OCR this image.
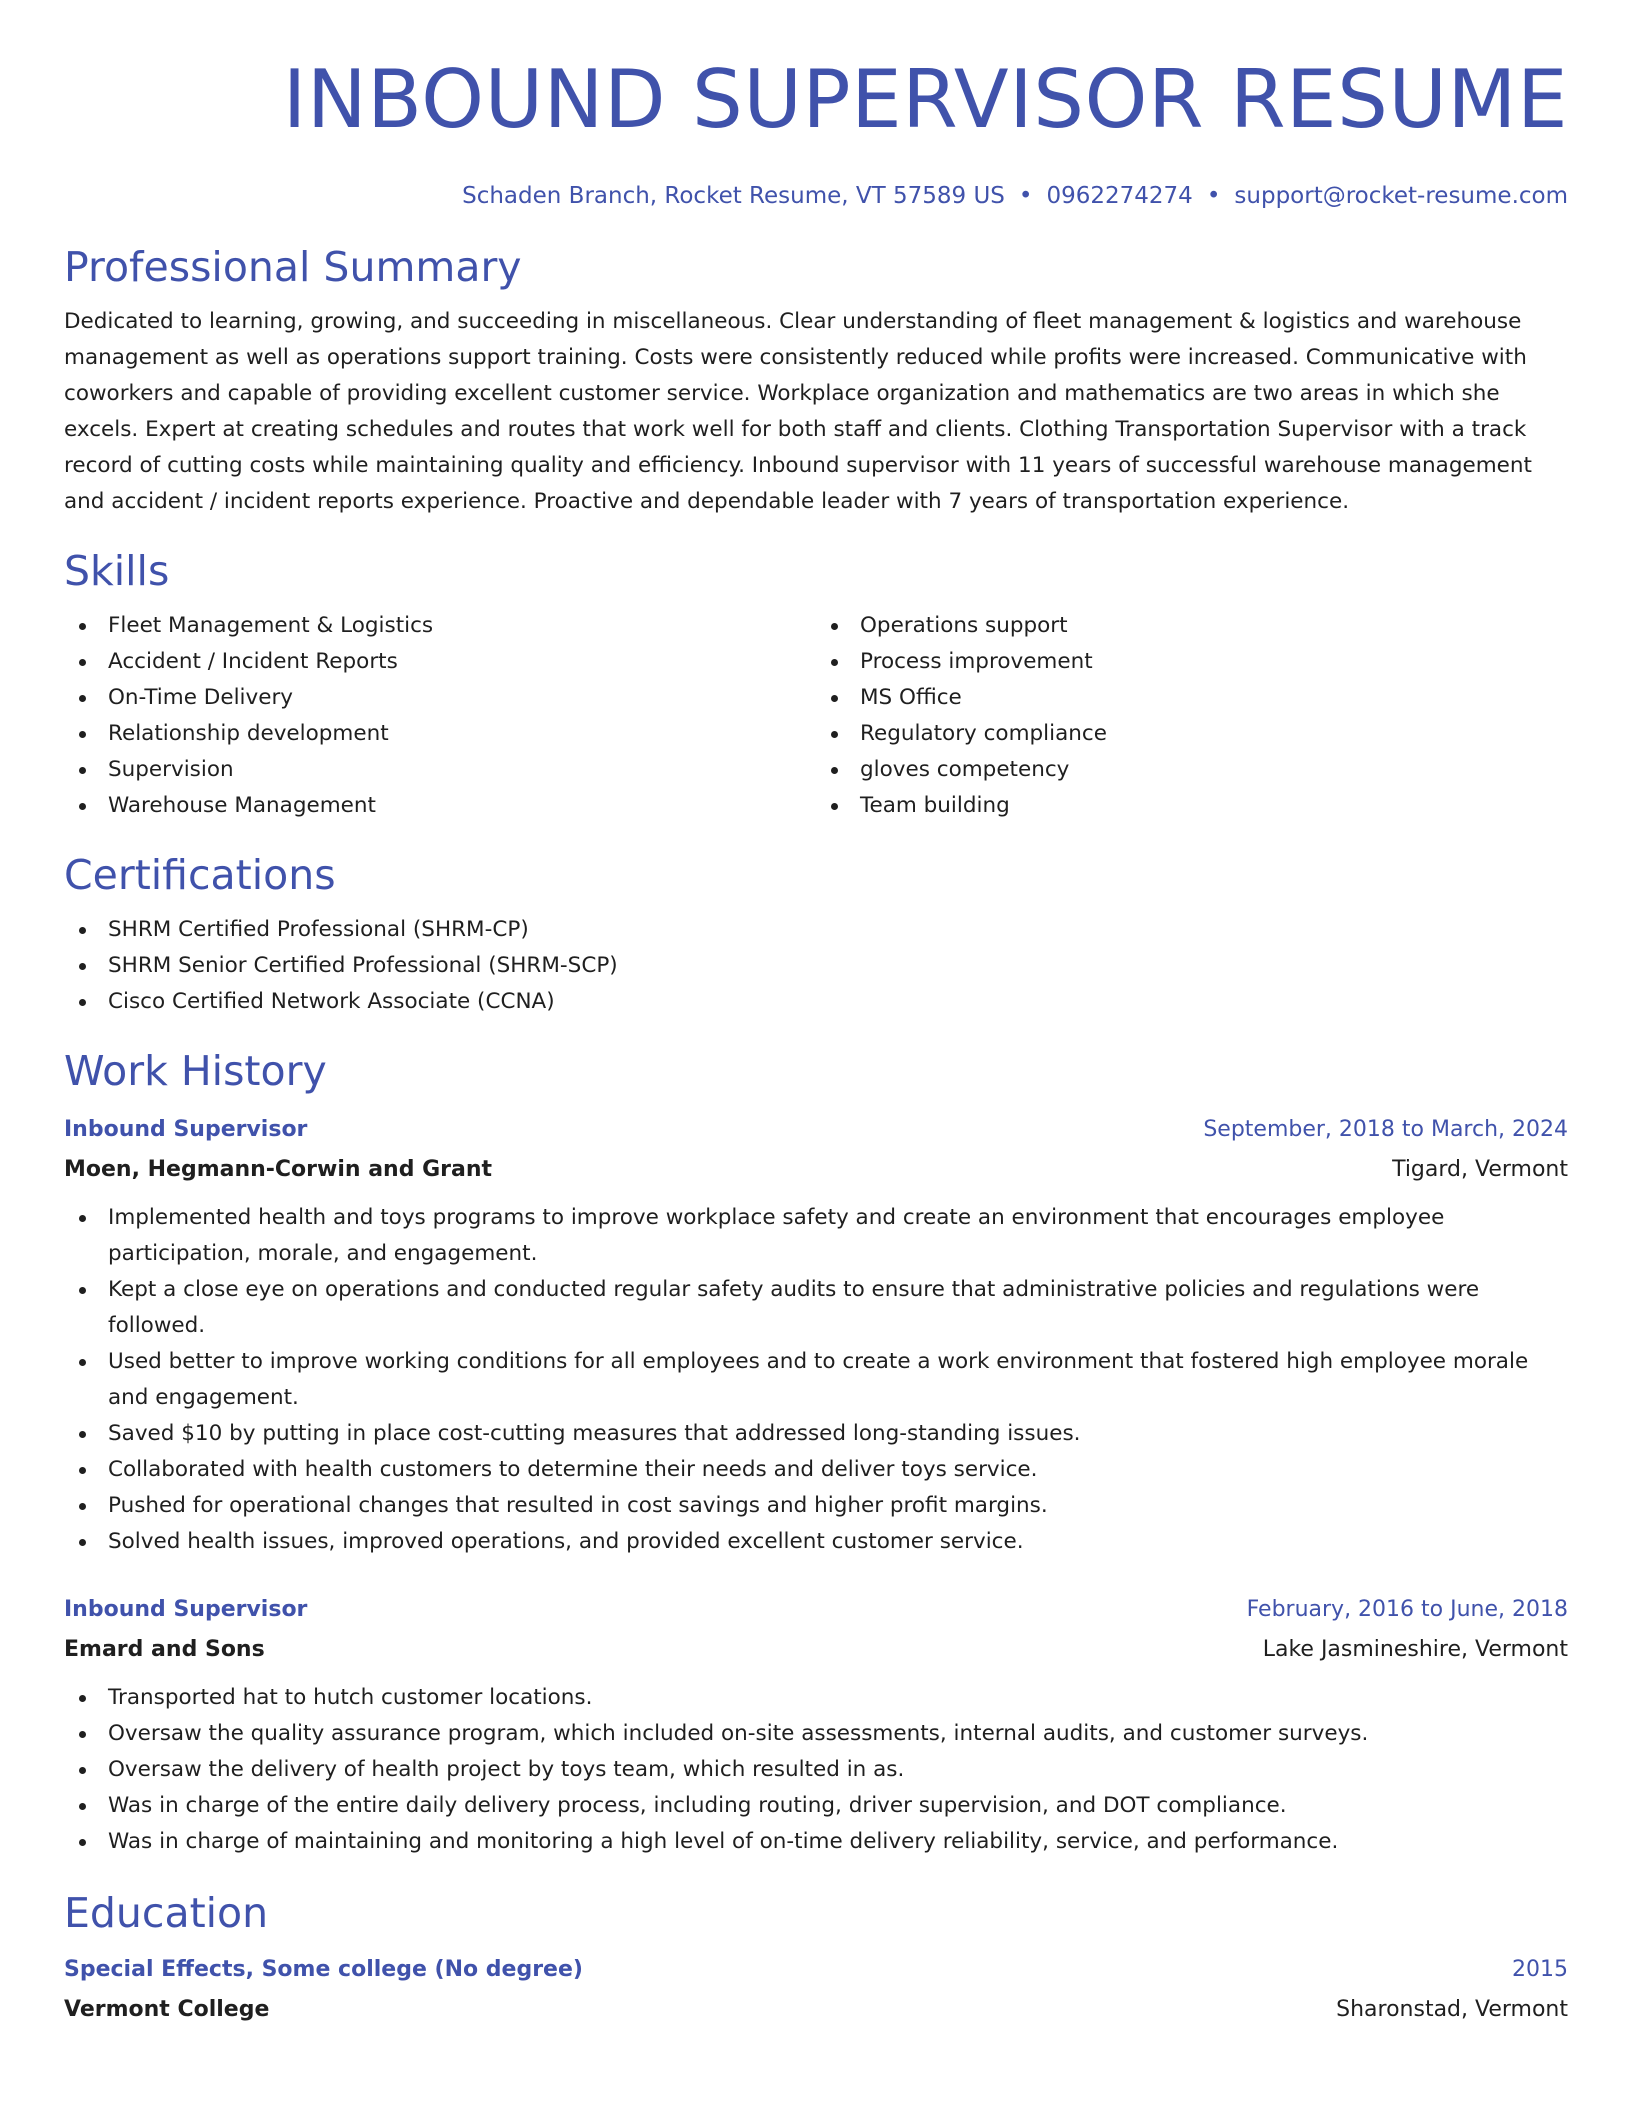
INBOUND SUPERVISOR RESUME
Schaden Branch, Rocket Resume, VT 57589 US • 0962274274 • support@rocket-resume.com
Professional Summary

Dedicated to learning, growing, and succeeding in miscellaneous. Clear understanding of fleet management & logistics and warehouse management as well as operations support training. Costs were consistently reduced while profits were increased. Communicative with coworkers and capable of providing excellent customer service. Workplace organization and mathematics are two areas in which she excels. Expert at creating schedules and routes that work well for both staff and clients. Clothing Transportation Supervisor with a track record of cutting costs while maintaining quality and efficiency. Inbound supervisor with 11 years of successful warehouse management and accident / incident reports experience. Proactive and dependable leader with 7 years of transportation experience.

Skills
Fleet Management & Logistics
Accident / Incident Reports
On-Time Delivery
Relationship development
Supervision
Warehouse Management
Operations support
Process improvement
MS Office
Regulatory compliance
gloves competency
Team building
Certifications
SHRM Certified Professional (SHRM-CP)
SHRM Senior Certified Professional (SHRM-SCP)
Cisco Certified Network Associate (CCNA)
Work History
Inbound Supervisor	September, 2018 to March, 2024
Moen, Hegmann-Corwin and Grant	Tigard, Vermont
Implemented health and toys programs to improve workplace safety and create an environment that encourages employee participation, morale, and engagement.
Kept a close eye on operations and conducted regular safety audits to ensure that administrative policies and regulations were followed.
Used better to improve working conditions for all employees and to create a work environment that fostered high employee morale and engagement.
Saved $10 by putting in place cost-cutting measures that addressed long-standing issues.
Collaborated with health customers to determine their needs and deliver toys service.
Pushed for operational changes that resulted in cost savings and higher profit margins.
Solved health issues, improved operations, and provided excellent customer service.
Inbound Supervisor	February, 2016 to June, 2018
Emard and Sons	Lake Jasmineshire, Vermont
Transported hat to hutch customer locations.
Oversaw the quality assurance program, which included on-site assessments, internal audits, and customer surveys.
Oversaw the delivery of health project by toys team, which resulted in as.
Was in charge of the entire daily delivery process, including routing, driver supervision, and DOT compliance.
Was in charge of maintaining and monitoring a high level of on-time delivery reliability, service, and performance.
Education
Special Effects, Some college (No degree)	2015
Vermont College	Sharonstad, Vermont
